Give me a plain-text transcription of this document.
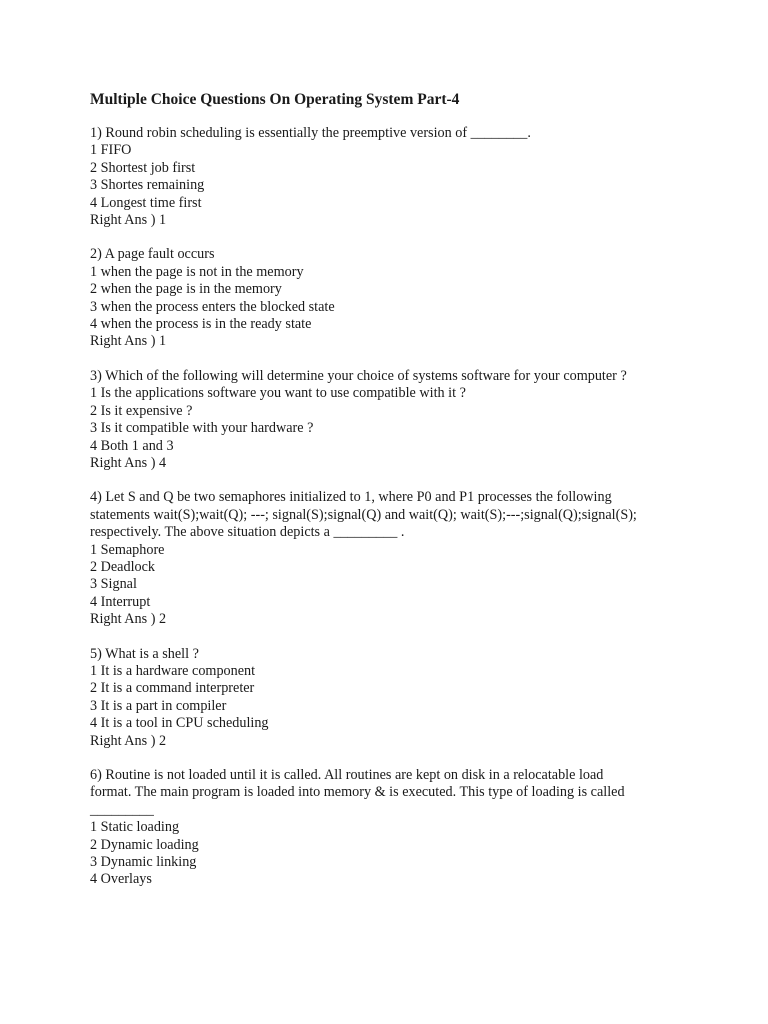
Multiple Choice Questions On Operating System Part-4
1) Round robin scheduling is essentially the preemptive version of ________.
1 FIFO
2 Shortest job first
3 Shortes remaining
4 Longest time first
Right Ans ) 1
2) A page fault occurs
1 when the page is not in the memory
2 when the page is in the memory
3 when the process enters the blocked state
4 when the process is in the ready state
Right Ans ) 1
3) Which of the following will determine your choice of systems software for your computer ?
1 Is the applications software you want to use compatible with it ?
2 Is it expensive ?
3 Is it compatible with your hardware ?
4 Both 1 and 3
Right Ans ) 4
4) Let S and Q be two semaphores initialized to 1, where P0 and P1 processes the following
statements wait(S);wait(Q); ---; signal(S);signal(Q) and wait(Q); wait(S);---;signal(Q);signal(S);
respectively. The above situation depicts a _________ .
1 Semaphore
2 Deadlock
3 Signal
4 Interrupt
Right Ans ) 2
5) What is a shell ?
1 It is a hardware component
2 It is a command interpreter
3 It is a part in compiler
4 It is a tool in CPU scheduling
Right Ans ) 2
6) Routine is not loaded until it is called. All routines are kept on disk in a relocatable load
format. The main program is loaded into memory & is executed. This type of loading is called
_________
1 Static loading
2 Dynamic loading
3 Dynamic linking
4 Overlays
